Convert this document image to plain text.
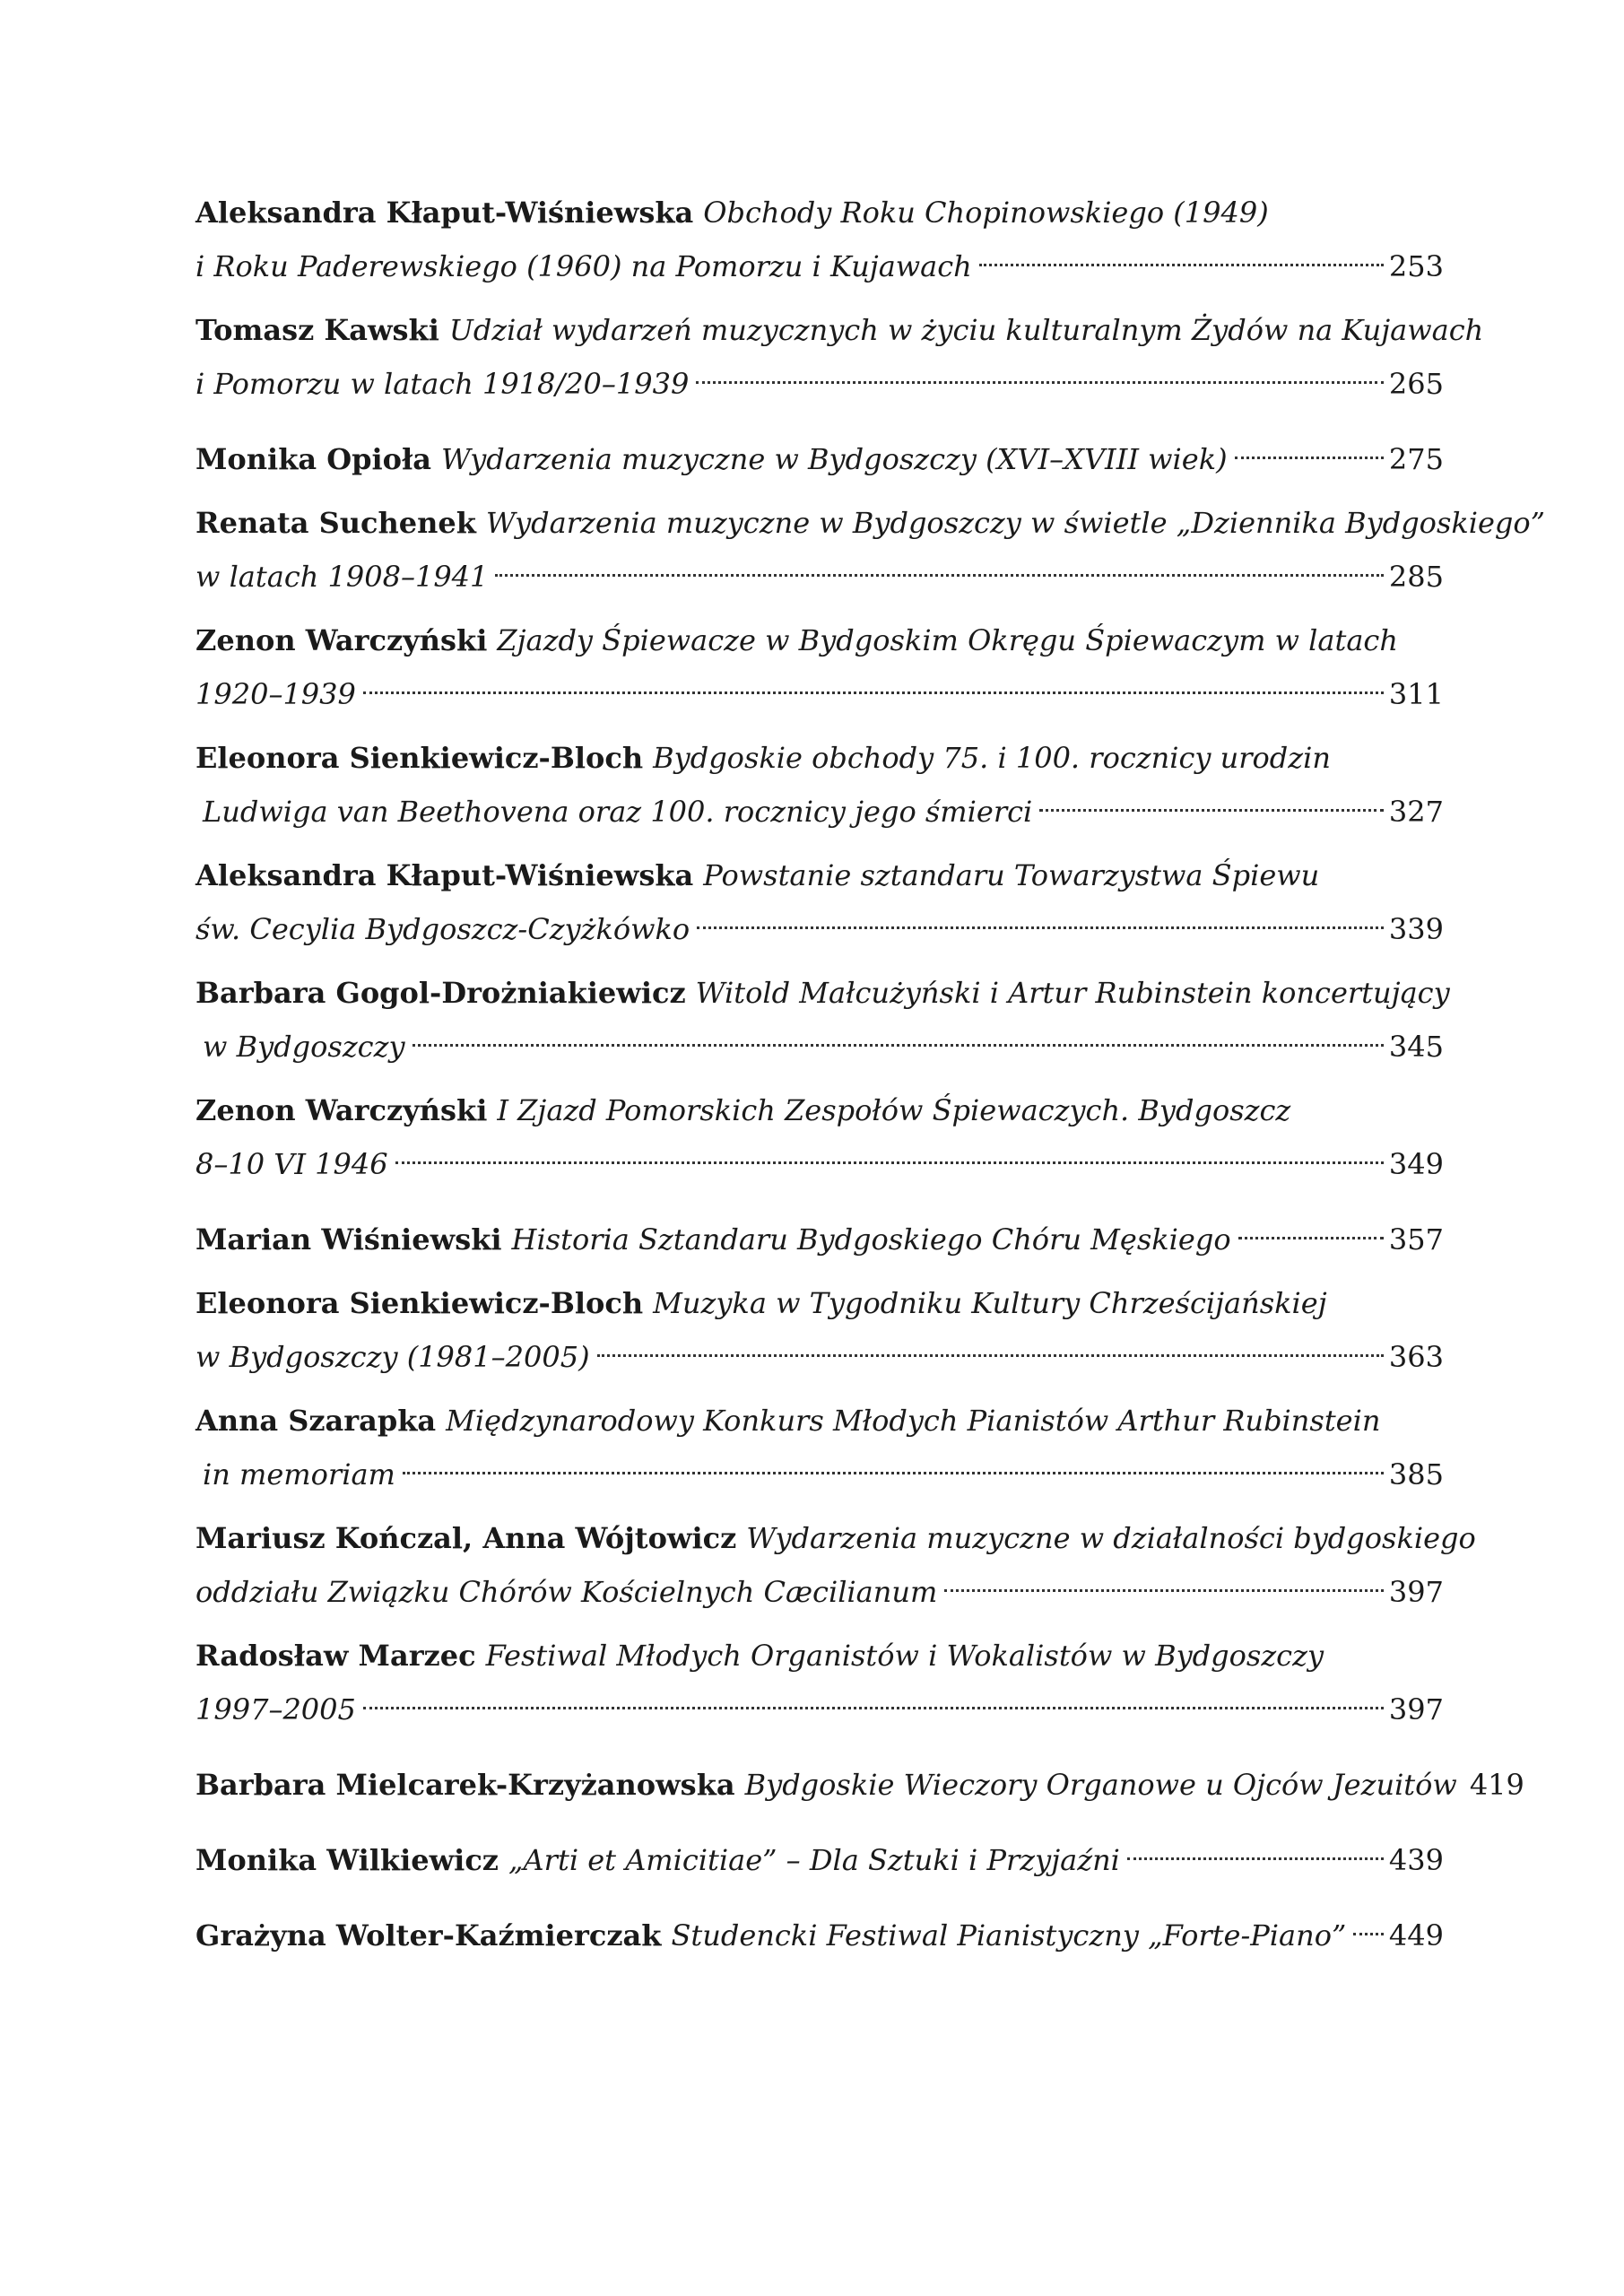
Aleksandra Kłaput-Wiśniewska Obchody Roku Chopinowskiego (1949)
i Roku Paderewskiego (1960) na Pomorzu i Kujawach	253
Tomasz Kawski Udział wydarzeń muzycznych w życiu kulturalnym Żydów na Kujawach
i Pomorzu w latach 1918/20–1939	265
Monika Opioła Wydarzenia muzyczne w Bydgoszczy (XVI–XVIII wiek)	275
Renata Suchenek Wydarzenia muzyczne w Bydgoszczy w świetle „Dziennika Bydgoskiego”
w latach 1908–1941	285
Zenon Warczyński Zjazdy Śpiewacze w Bydgoskim Okręgu Śpiewaczym w latach
1920–1939	311
Eleonora Sienkiewicz-Bloch Bydgoskie obchody 75. i 100. rocznicy urodzin
Ludwiga van Beethovena oraz 100. rocznicy jego śmierci	327
Aleksandra Kłaput-Wiśniewska Powstanie sztandaru Towarzystwa Śpiewu
św. Cecylia Bydgoszcz-Czyżkówko	339
Barbara Gogol-Drożniakiewicz Witold Małcużyński i Artur Rubinstein koncertujący
w Bydgoszczy	345
Zenon Warczyński I Zjazd Pomorskich Zespołów Śpiewaczych. Bydgoszcz
8–10 VI 1946	349
Marian Wiśniewski Historia Sztandaru Bydgoskiego Chóru Męskiego	357
Eleonora Sienkiewicz-Bloch Muzyka w Tygodniku Kultury Chrześcijańskiej
w Bydgoszczy (1981–2005)	363
Anna Szarapka Międzynarodowy Konkurs Młodych Pianistów Arthur Rubinstein
in memoriam	385
Mariusz Kończal, Anna Wójtowicz Wydarzenia muzyczne w działalności bydgoskiego
oddziału Związku Chórów Kościelnych Cæcilianum	397
Radosław Marzec Festiwal Młodych Organistów i Wokalistów w Bydgoszczy
1997–2005	397
Barbara Mielcarek-Krzyżanowska Bydgoskie Wieczory Organowe u Ojców Jezuitów 419
Monika Wilkiewicz „Arti et Amicitiae” – Dla Sztuki i Przyjaźni	439
Grażyna Wolter-Kaźmierczak Studencki Festiwal Pianistyczny „Forte-Piano” 449
